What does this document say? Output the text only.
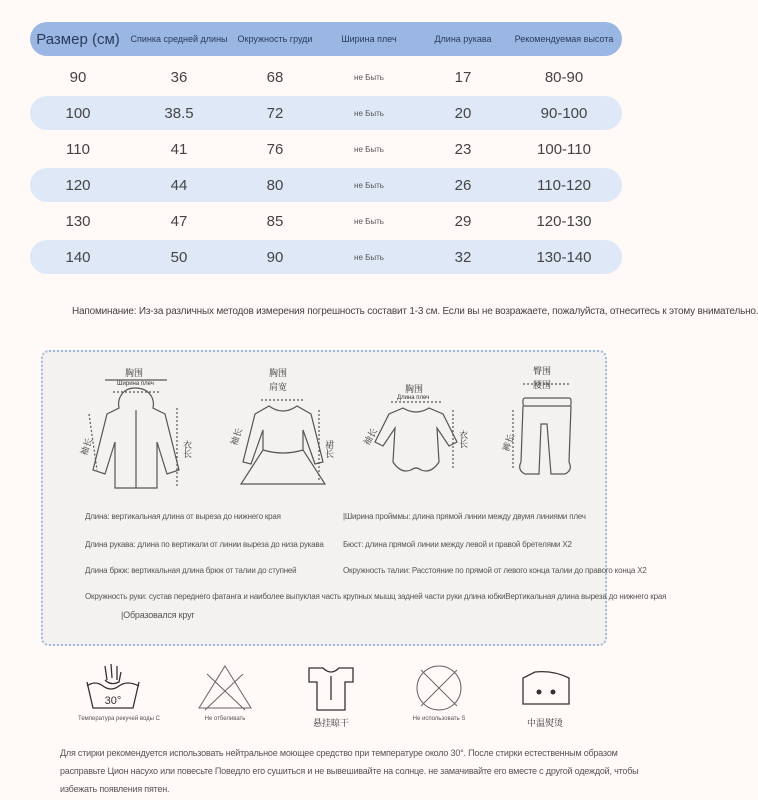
Размер (см)	Спинка средней длины	Окружность груди	Ширина плеч	Длина рукава	Рекомендуемая высота
90	36	68	не Быть	17	80-90
100	38.5	72	не Быть	20	90-100
110	41	76	не Быть	23	100-110
120	44	80	не Быть	26	110-120
130	47	85	не Быть	29	120-130
140	50	90	не Быть	32	130-140
Напоминание: Из-за различных методов измерения погрешность составит 1-3 см. Если вы не возражаете, пожалуйста, отнеситесь к этому внимательно.
胸围
Ширина плеч
袖长	衣长
胸围
肩宽
袖长
裙长
胸围
Длина плеч
袖长	衣长
臀围
腰围
裤长
Длина: вертикальная длина от выреза до нижнего края
Длина рукава: длина по вертикали от линии выреза до низа рукава
Длина брюк: вертикальная длина брюк от талии до ступней
Окружность руки: сустав переднего фатанга и наиболее выпуклая часть крупных мышц задней части руки длина юбкиВертикальная длина выреза до нижнего края
|Образовался круг
|Ширина пройммы: длина прямой линии между двумя линиями плеч
Бюст: длина прямой линии между левой и правой бретелями X2
Окружность талии: Расстояние по прямой от левого конца талии до правого конца X2
30°
Температура рекучей воды C	Не отбеливать	悬挂晾干	Не использовать S	中温熨烫
Для стирки рекомендуется использовать нейтральное моющее средство при температуре около 30°. После стирки естественным образом расправьте Цион насухо или повесьте Поведло его сушиться и не вывешивайте на солнце. не замачивайте его вместе с другой одеждой, чтобы избежать появления пятен.
